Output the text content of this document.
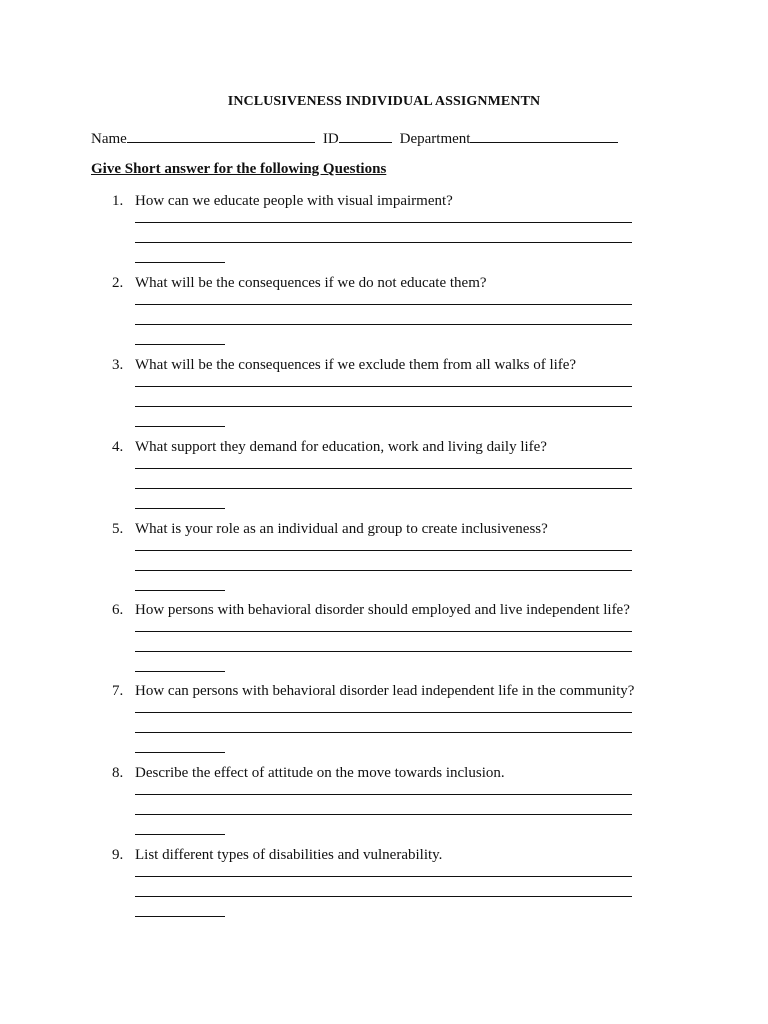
INCLUSIVENESS INDIVIDUAL ASSIGNMENTN
Name	ID	Department
Give Short answer for the following Questions
1. How can we educate people with visual impairment?
2. What will be the consequences if we do not educate them?
3. What will be the consequences if we exclude them from all walks of life?
4. What support they demand for education, work and living daily life?
5. What is your role as an individual and group to create inclusiveness?
6. How persons with behavioral disorder should employed and live independent life?
7. How can persons with behavioral disorder lead independent life in the community?
8. Describe the effect of attitude on the move towards inclusion.
9. List different types of disabilities and vulnerability.
